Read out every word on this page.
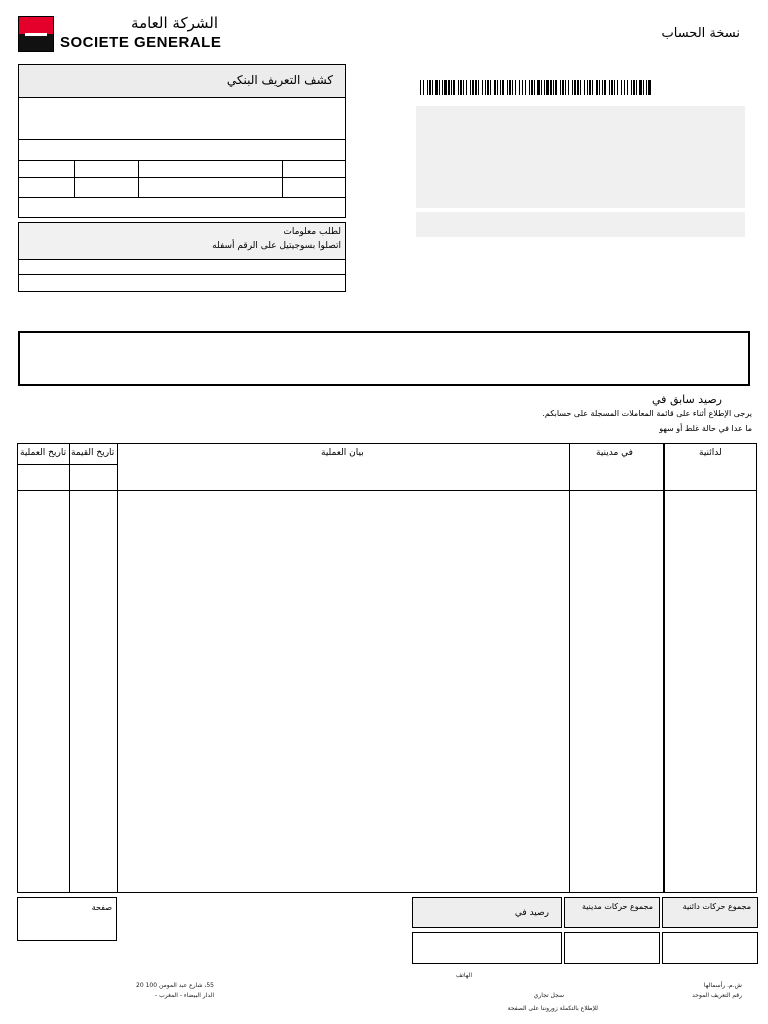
الشركة العامة
SOCIETE GENERALE
نسخة الحساب
كشف التعريف البنكي
لطلب معلومات
اتصلوا بسوجيتيل على الرقم أسفله
رصيد سابق في
يرجى الإطلاع أثناء على قائمة المعاملات المسجلة على حسابكم.
ما عدا في حالة غلط أو سهو
تاريخ العملية تاريخ القيمة	بيان العملية	في مدينية	لدائنية
صفحة
رصيد في
مجموع حركات مدينية	مجموع حركات دائنية
55، شارع عبد المومن 100 20
الدار البيضاء - المغرب -
الهاتف
سجل تجاري
للإطلاع بالتكملة زوروننا على الصفحة
ش.م. رأسمالها
رقم التعريف الموحد
